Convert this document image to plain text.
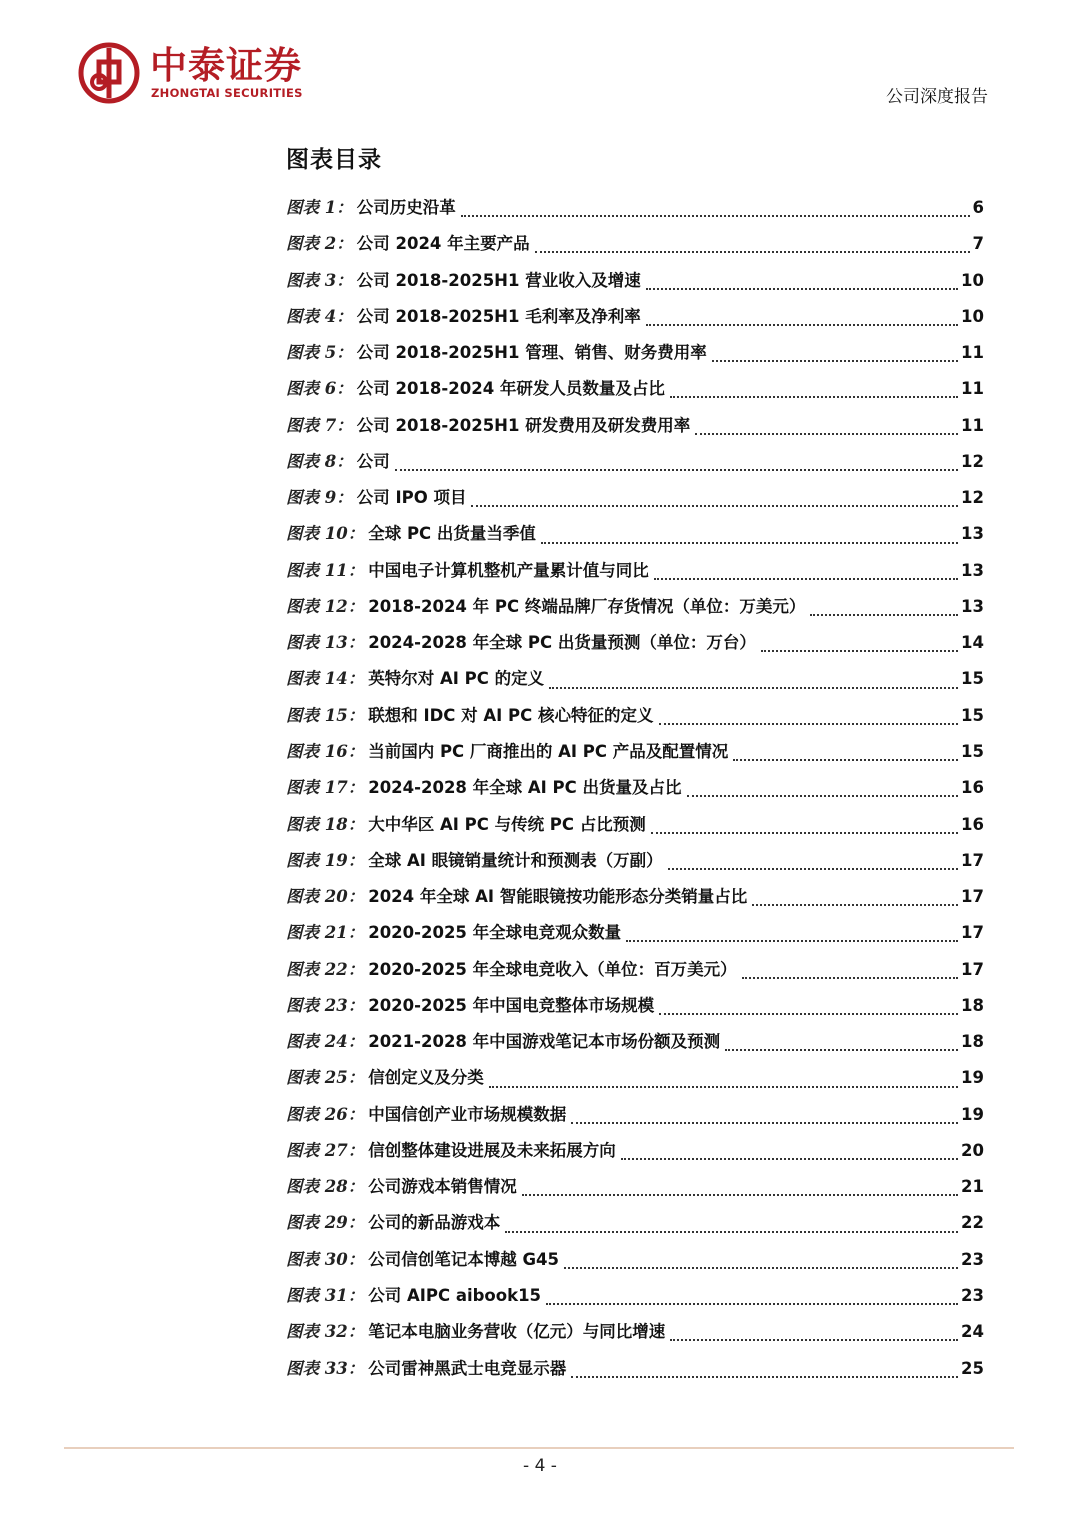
中泰证券
ZHONGTAI SECURITIES	公司深度报告
图表目录
图表 1： 公司历史沿革	6
图表 2： 公司 2024 年主要产品	7
图表 3： 公司 2018-2025H1 营业收入及增速	10
图表 4： 公司 2018-2025H1 毛利率及净利率	10
图表 5： 公司 2018-2025H1 管理、销售、财务费用率	11
图表 6： 公司 2018-2024 年研发人员数量及占比	11
图表 7： 公司 2018-2025H1 研发费用及研发费用率	11
图表 8： 公司	12
图表 9： 公司 IPO 项目	12
图表 10： 全球 PC 出货量当季值	13
图表 11： 中国电子计算机整机产量累计值与同比	13
图表 12： 2018-2024 年 PC 终端品牌厂存货情况（单位：万美元）	13
图表 13： 2024-2028 年全球 PC 出货量预测（单位：万台）	14
图表 14： 英特尔对 AI PC 的定义	15
图表 15： 联想和 IDC 对 AI PC 核心特征的定义	15
图表 16： 当前国内 PC 厂商推出的 AI PC 产品及配置情况	15
图表 17： 2024-2028 年全球 AI PC 出货量及占比	16
图表 18： 大中华区 AI PC 与传统 PC 占比预测	16
图表 19： 全球 AI 眼镜销量统计和预测表（万副）	17
图表 20： 2024 年全球 AI 智能眼镜按功能形态分类销量占比	17
图表 21： 2020-2025 年全球电竞观众数量	17
图表 22： 2020-2025 年全球电竞收入（单位：百万美元）	17
图表 23： 2020-2025 年中国电竞整体市场规模	18
图表 24： 2021-2028 年中国游戏笔记本市场份额及预测	18
图表 25： 信创定义及分类	19
图表 26： 中国信创产业市场规模数据	19
图表 27： 信创整体建设进展及未来拓展方向	20
图表 28： 公司游戏本销售情况	21
图表 29： 公司的新品游戏本	22
图表 30： 公司信创笔记本博越 G45	23
图表 31： 公司 AIPC aibook15	23
图表 32： 笔记本电脑业务营收（亿元）与同比增速	24
图表 33： 公司雷神黑武士电竞显示器	25
- 4 -
